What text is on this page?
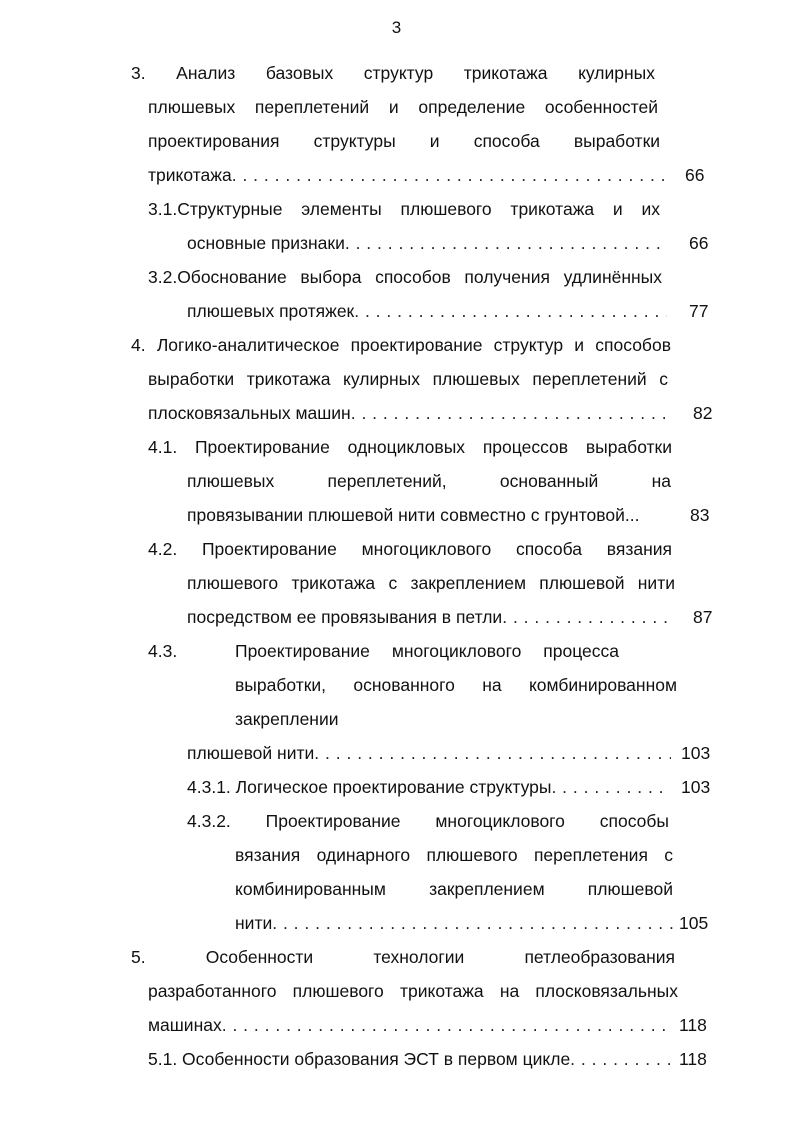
3
3. Анализ базовых структур трикотажа кулирных
плюшевых переплетений и определение особенностей
проектирования структуры и способа выработки
трикотажа . . .	66
3.1.Структурные элементы плюшевого трикотажа и их
основные признаки . . .	66
3.2.Обоснование выбора способов получения удлинённых
плюшевых протяжек . . .	77
4. Логико-аналитическое проектирование структур и способов
выработки трикотажа кулирных плюшевых переплетений с
плосковязальных машин . . .	82
4.1. Проектирование одноцикловых процессов выработки
плюшевых переплетений, основанный на
провязывании плюшевой нити совместно с грунтовой...	83
4.2. Проектирование многоциклового способа вязания
плюшевого трикотажа с закреплением плюшевой нити
посредством ее провязывания в петли . . .	87
4.3.	Проектирование многоциклового процесса
выработки, основанного на комбинированном
закреплении
плюшевой нити . . .	103
4.3.1. Логическое проектирование структуры . . .	103
4.3.2. Проектирование многоциклового способы
вязания одинарного плюшевого переплетения с
комбинированным закреплением плюшевой
нити . . .	105
5. Особенности технологии петлеобразования
разработанного плюшевого трикотажа на плосковязальных
машинах . . .	118
5.1. Особенности образования ЭСТ в первом цикле . . .	118
